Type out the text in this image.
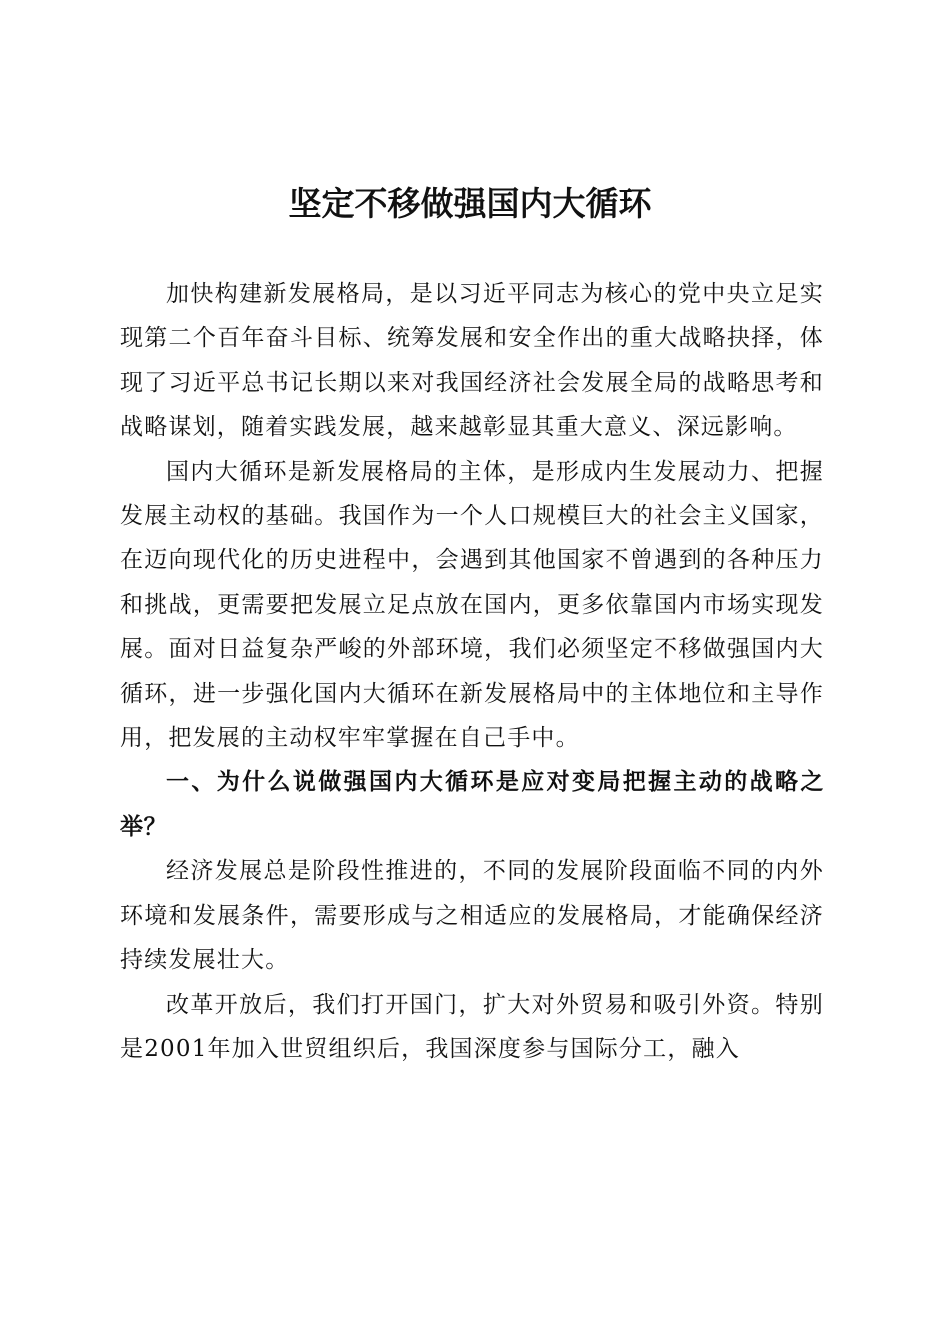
坚定不移做强国内大循环

加快构建新发展格局，是以习近平同志为核心的党中央立足实现第二个百年奋斗目标、统筹发展和安全作出的重大战略抉择，体现了习近平总书记长期以来对我国经济社会发展全局的战略思考和战略谋划，随着实践发展，越来越彰显其重大意义、深远影响。

国内大循环是新发展格局的主体，是形成内生发展动力、把握发展主动权的基础。我国作为一个人口规模巨大的社会主义国家，在迈向现代化的历史进程中，会遇到其他国家不曾遇到的各种压力和挑战，更需要把发展立足点放在国内，更多依靠国内市场实现发展。面对日益复杂严峻的外部环境，我们必须坚定不移做强国内大循环，进一步强化国内大循环在新发展格局中的主体地位和主导作用，把发展的主动权牢牢掌握在自己手中。

一、为什么说做强国内大循环是应对变局把握主动的战略之举？

经济发展总是阶段性推进的，不同的发展阶段面临不同的内外环境和发展条件，需要形成与之相适应的发展格局，才能确保经济持续发展壮大。

改革开放后，我们打开国门，扩大对外贸易和吸引外资。特别是2001年加入世贸组织后，我国深度参与国际分工，融入
